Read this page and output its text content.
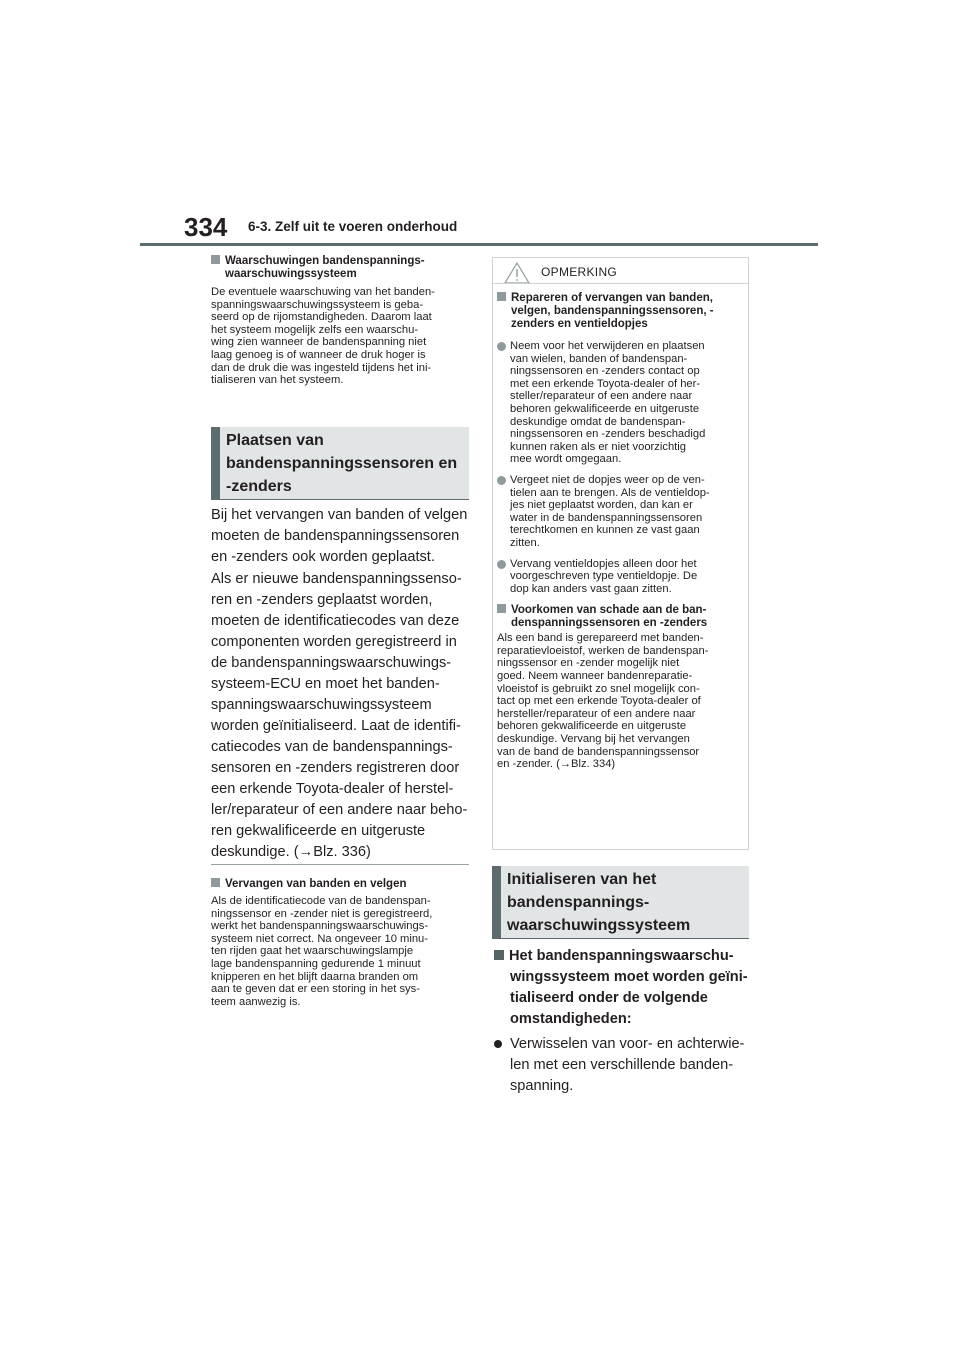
334 6-3. Zelf uit te voeren onderhoud
Waarschuwingen bandenspannings-
waarschuwingssysteem
De eventuele waarschuwing van het banden-
spanningswaarschuwingssysteem is geba-
seerd op de rijomstandigheden. Daarom laat
het systeem mogelijk zelfs een waarschu-
wing zien wanneer de bandenspanning niet
laag genoeg is of wanneer de druk hoger is
dan de druk die was ingesteld tijdens het ini-
tialiseren van het systeem.
Plaatsen van
bandenspanningssensoren en
-zenders
Bij het vervangen van banden of velgen
moeten de bandenspanningssensoren
en -zenders ook worden geplaatst.
Als er nieuwe bandenspanningssenso-
ren en -zenders geplaatst worden,
moeten de identificatiecodes van deze
componenten worden geregistreerd in
de bandenspanningswaarschuwings-
systeem-ECU en moet het banden-
spanningswaarschuwingssysteem
worden geïnitialiseerd. Laat de identifi-
catiecodes van de bandenspannings-
sensoren en -zenders registreren door
een erkende Toyota-dealer of herstel-
ler/reparateur of een andere naar beho-
ren gekwalificeerde en uitgeruste
deskundige. (→Blz. 336)
Vervangen van banden en velgen
Als de identificatiecode van de bandenspan-
ningssensor en -zender niet is geregistreerd,
werkt het bandenspanningswaarschuwings-
systeem niet correct. Na ongeveer 10 minu-
ten rijden gaat het waarschuwingslampje
lage bandenspanning gedurende 1 minuut
knipperen en het blijft daarna branden om
aan te geven dat er een storing in het sys-
teem aanwezig is.
OPMERKING
Repareren of vervangen van banden,
velgen, bandenspanningssensoren, -
zenders en ventieldopjes
Neem voor het verwijderen en plaatsen
van wielen, banden of bandenspan-
ningssensoren en -zenders contact op
met een erkende Toyota-dealer of her-
steller/reparateur of een andere naar
behoren gekwalificeerde en uitgeruste
deskundige omdat de bandenspan-
ningssensoren en -zenders beschadigd
kunnen raken als er niet voorzichtig
mee wordt omgegaan.
Vergeet niet de dopjes weer op de ven-
tielen aan te brengen. Als de ventieldop-
jes niet geplaatst worden, dan kan er
water in de bandenspanningssensoren
terechtkomen en kunnen ze vast gaan
zitten.
Vervang ventieldopjes alleen door het
voorgeschreven type ventieldopje. De
dop kan anders vast gaan zitten.
Voorkomen van schade aan de ban-
denspanningssensoren en -zenders
Als een band is gerepareerd met banden-
reparatievloeistof, werken de bandenspan-
ningssensor en -zender mogelijk niet
goed. Neem wanneer bandenreparatie-
vloeistof is gebruikt zo snel mogelijk con-
tact op met een erkende Toyota-dealer of
hersteller/reparateur of een andere naar
behoren gekwalificeerde en uitgeruste
deskundige. Vervang bij het vervangen
van de band de bandenspanningssensor
en -zender. (→Blz. 334)
Initialiseren van het
bandenspannings-
waarschuwingssysteem
Het bandenspanningswaarschu-
wingssysteem moet worden geïni-
tialiseerd onder de volgende
omstandigheden:
Verwisselen van voor- en achterwie-
len met een verschillende banden-
spanning.
